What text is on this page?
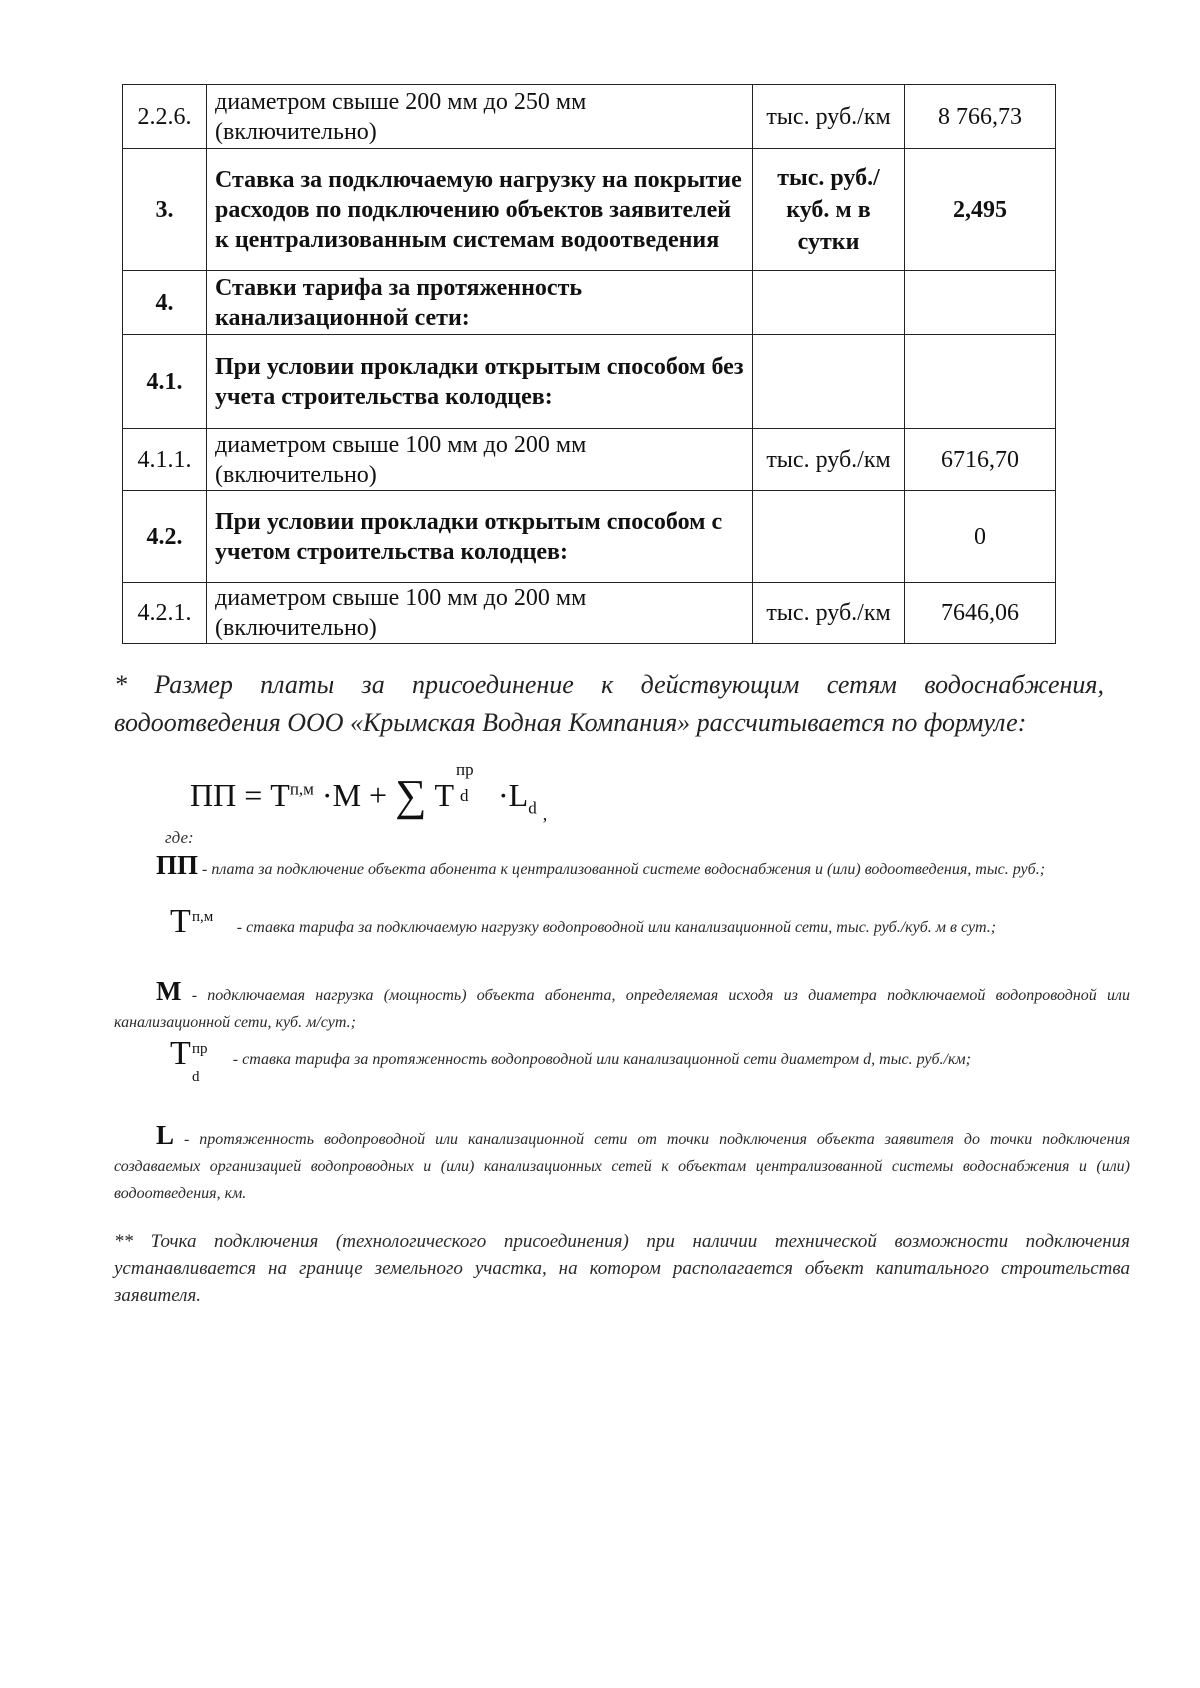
2.2.6.	диаметром свыше 200 мм до 250 мм (включительно)	тыс. руб./км	8 766,73
3.	Ставка за подключаемую нагрузку на покрытие расходов по подключению объектов заявителей к централизованным системам водоотведения	тыс. руб./ куб. м в сутки	2,495
4.	Ставки тарифа за протяженность канализационной сети:		
4.1.	При условии прокладки открытым способом без учета строительства колодцев:		
4.1.1.	диаметром свыше 100 мм до 200 мм (включительно)	тыс. руб./км	6716,70
4.2.	При условии прокладки открытым способом с учетом строительства колодцев:		0
4.2.1.	диаметром свыше 100 мм до 200 мм (включительно)	тыс. руб./км	7646,06
* Размер платы за присоединение к действующим сетям водоснабжения, водоотведения ООО «Крымская Водная Компания» рассчитывается по формуле:
ПП = $Т^{п,м} \cdot М$ + ∑ Т
пр
$d \cdot L_d$ $_,$
где:
ПП - плата за подключение объекта абонента к централизованной системе водоснабжения и (или) водоотведения, тыс. руб.;
Т п,м
- ставка тарифа за подключаемую нагрузку водопроводной или канализационной сети, тыс. руб./куб. м в сут.;
М - подключаемая нагрузка (мощность) объекта абонента, определяемая исходя из диаметра подключаемой водопроводной или канализационной сети, куб. м/сут.;
Т пр
d
- ставка тарифа за протяженность водопроводной или канализационной сети диаметром d, тыс. руб./км;
L - протяженность водопроводной или канализационной сети от точки подключения объекта заявителя до точки подключения создаваемых организацией водопроводных и (или) канализационных сетей к объектам централизованной системы водоснабжения и (или) водоотведения, км.
** Точка подключения (технологического присоединения) при наличии технической возможности подключения устанавливается на границе земельного участка, на котором располагается объект капитального строительства заявителя.
